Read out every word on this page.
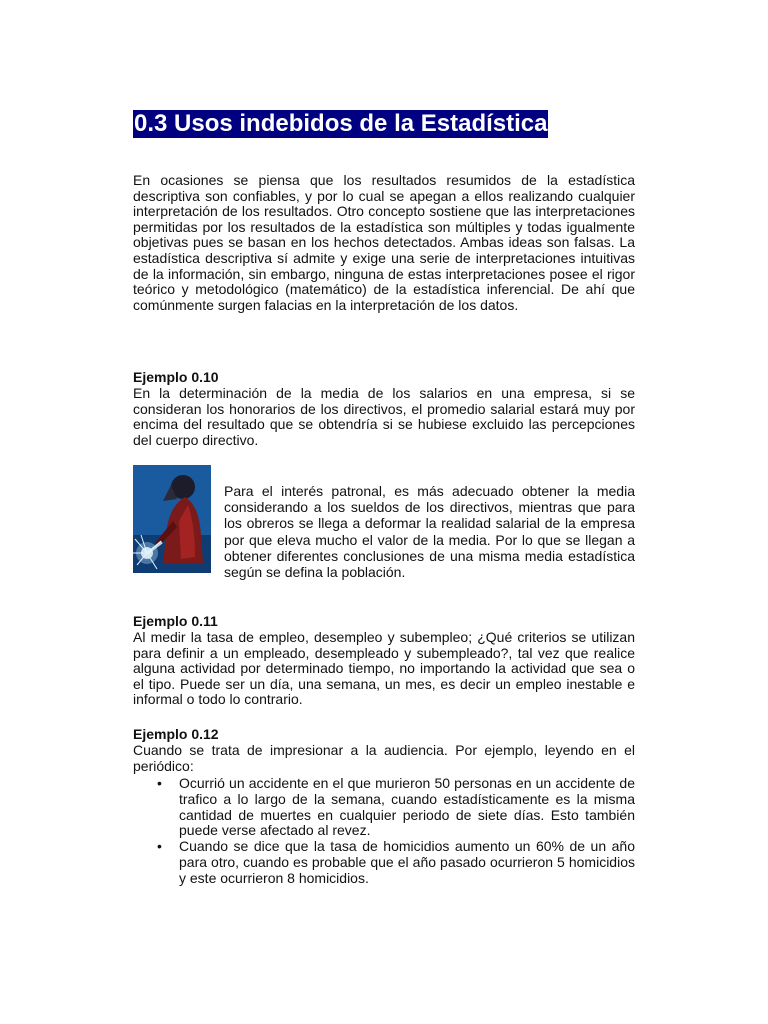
0.3 Usos indebidos de la Estadística

En ocasiones se piensa que los resultados resumidos de la estadística descriptiva son confiables, y por lo cual se apegan a ellos realizando cualquier interpretación de los resultados. Otro concepto sostiene que las interpretaciones permitidas por los resultados de la estadística son múltiples y todas igualmente objetivas pues se basan en los hechos detectados. Ambas ideas son falsas. La estadística descriptiva sí admite y exige una serie de interpretaciones intuitivas de la información, sin embargo, ninguna de estas interpretaciones posee el rigor teórico y metodológico (matemático) de la estadística inferencial. De ahí que comúnmente surgen falacias en la interpretación de los datos.

Ejemplo 0.10

En la determinación de la media de los salarios en una empresa, si se consideran los honorarios de los directivos, el promedio salarial estará muy por encima del resultado que se obtendría si se hubiese excluido las percepciones del cuerpo directivo.

Para el interés patronal, es más adecuado obtener la media considerando a los sueldos de los directivos, mientras que para los obreros se llega a deformar la realidad salarial de la empresa por que eleva mucho el valor de la media. Por lo que se llegan a obtener diferentes conclusiones de una misma media estadística según se defina la población.

Ejemplo 0.11

Al medir la tasa de empleo, desempleo y subempleo; ¿Qué criterios se utilizan para definir a un empleado, desempleado y subempleado?, tal vez que realice alguna actividad por determinado tiempo, no importando la actividad que sea o el tipo. Puede ser un día, una semana, un mes, es decir un empleo inestable e informal o todo lo contrario.

Ejemplo 0.12

Cuando se trata de impresionar a la audiencia. Por ejemplo, leyendo en el periódico:

• Ocurrió un accidente en el que murieron 50 personas en un accidente de trafico a lo largo de la semana, cuando estadísticamente es la misma cantidad de muertes en cualquier periodo de siete días. Esto también puede verse afectado al revez.
• Cuando se dice que la tasa de homicidios aumento un 60% de un año para otro, cuando es probable que el año pasado ocurrieron 5 homicidios y este ocurrieron 8 homicidios.
